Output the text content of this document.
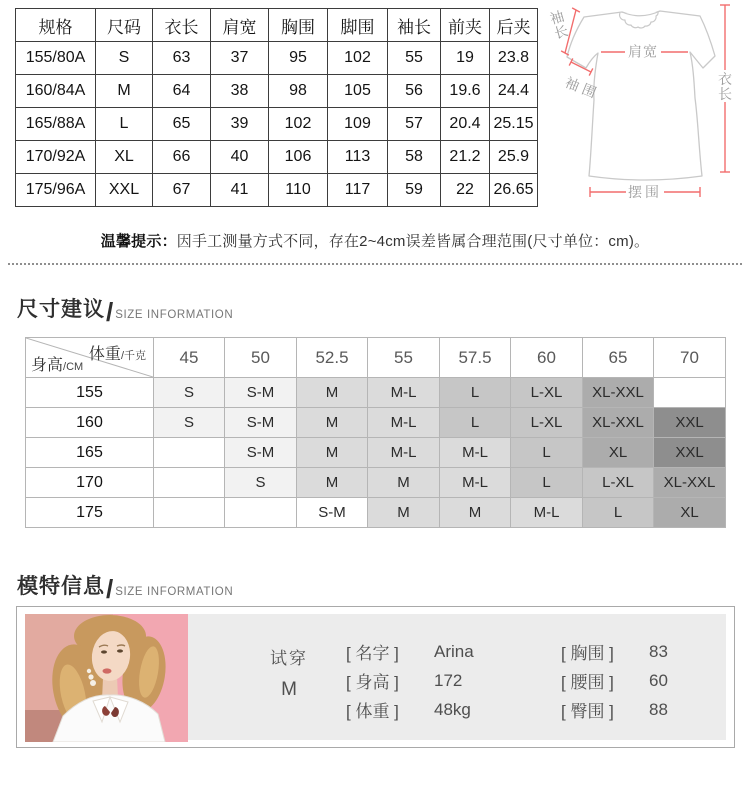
规格	尺码	衣长	肩宽	胸围	脚围	袖长	前夹	后夹
155/80A	S	63	37	95	102	55	19	23.8
160/84A	M	64	38	98	105	56	19.6	24.4
165/88A	L	65	39	102	109	57	20.4	25.15
170/92A	XL	66	40	106	113	58	21.2	25.9
175/96A	XXL	67	41	110	117	59	22	26.65
袖长
肩宽
袖围	衣长
摆围
温馨提示：因手工测量方式不同，存在2~4cm误差皆属合理范围(尺寸单位：cm)。
尺寸建议 / SIZE INFORMATION
体重/千克
身高/CM	45	50	52.5	55	57.5	60	65	70
155	S	S-M	M	M-L	L	L-XL	XL-XXL	
160	S	S-M	M	M-L	L	L-XL	XL-XXL	XXL
165		S-M	M	M-L	M-L	L	XL	XXL
170		S	M	M	M-L	L	L-XL	XL-XXL
175			S-M	M	M	M-L	L	XL
模特信息 / SIZE INFORMATION
试穿
M
[ 名字 ]	Arina
[ 身高 ]	172
[ 体重 ]	48kg
[ 胸围 ]	83
[ 腰围 ]	60
[ 臀围 ]	88
